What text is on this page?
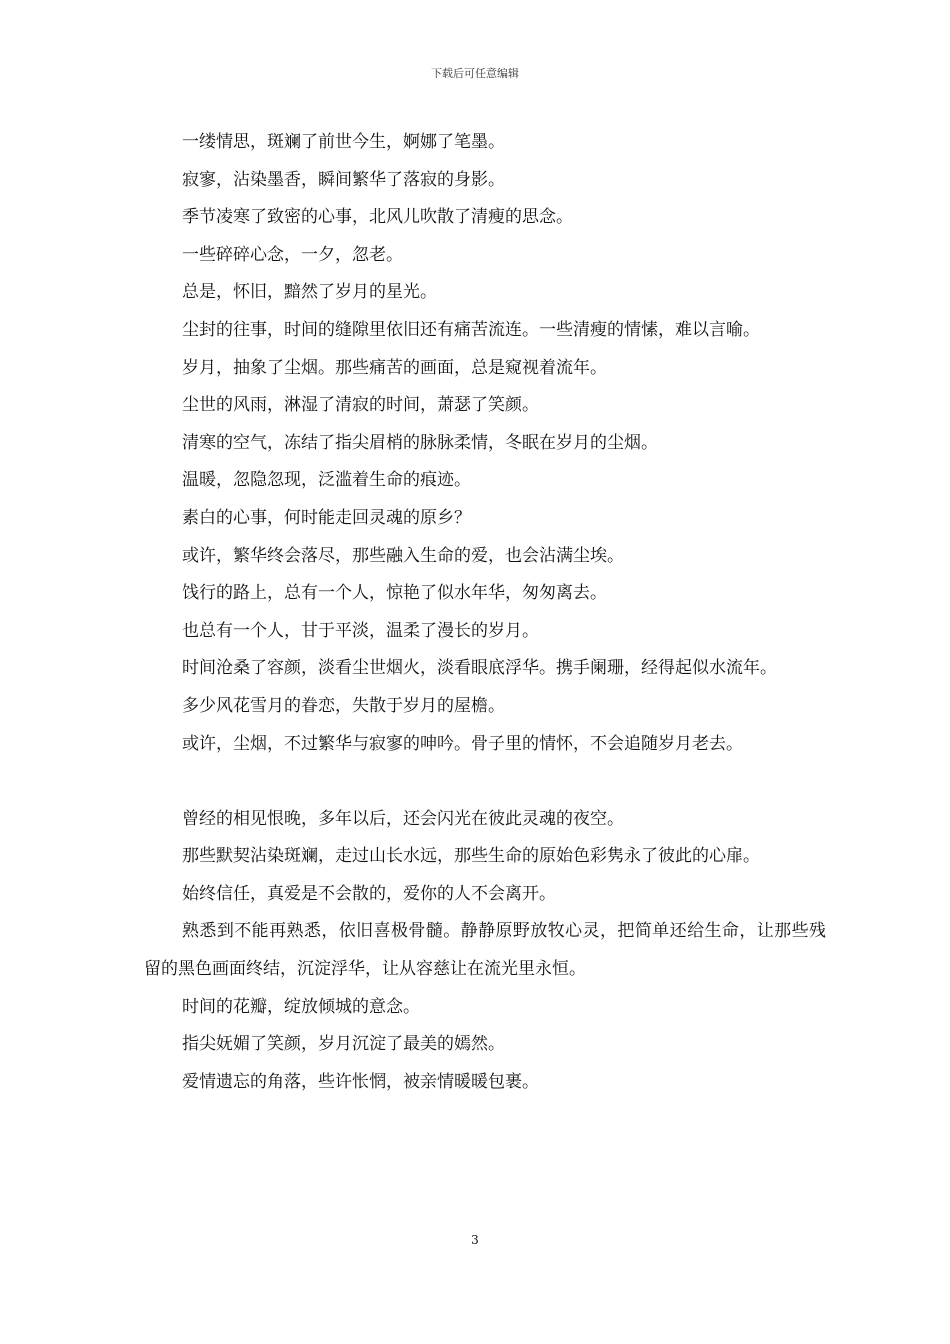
下载后可任意编辑

一缕情思，斑斓了前世今生，婀娜了笔墨。

寂寥，沾染墨香，瞬间繁华了落寂的身影。

季节凌寒了致密的心事，北风儿吹散了清瘦的思念。

一些碎碎心念，一夕，忽老。

总是，怀旧，黯然了岁月的星光。

尘封的往事，时间的缝隙里依旧还有痛苦流连。一些清瘦的情愫，难以言喻。

岁月，抽象了尘烟。那些痛苦的画面，总是窥视着流年。

尘世的风雨，淋湿了清寂的时间，萧瑟了笑颜。

清寒的空气，冻结了指尖眉梢的脉脉柔情，冬眠在岁月的尘烟。

温暖，忽隐忽现，泛滥着生命的痕迹。

素白的心事，何时能走回灵魂的原乡？

或许，繁华终会落尽，那些融入生命的爱，也会沾满尘埃。

饯行的路上，总有一个人，惊艳了似水年华，匆匆离去。

也总有一个人，甘于平淡，温柔了漫长的岁月。

时间沧桑了容颜，淡看尘世烟火，淡看眼底浮华。携手阑珊，经得起似水流年。

多少风花雪月的眷恋，失散于岁月的屋檐。

或许，尘烟，不过繁华与寂寥的呻吟。骨子里的情怀，不会追随岁月老去。

曾经的相见恨晚，多年以后，还会闪光在彼此灵魂的夜空。

那些默契沾染斑斓，走过山长水远，那些生命的原始色彩隽永了彼此的心扉。

始终信任，真爱是不会散的，爱你的人不会离开。

熟悉到不能再熟悉，依旧喜极骨髓。静静原野放牧心灵，把简单还给生命，让那些残留的黑色画面终结，沉淀浮华，让从容慈让在流光里永恒。

时间的花瓣，绽放倾城的意念。

指尖妩媚了笑颜，岁月沉淀了最美的嫣然。

爱情遗忘的角落，些许怅惘，被亲情暖暖包裹。

3
